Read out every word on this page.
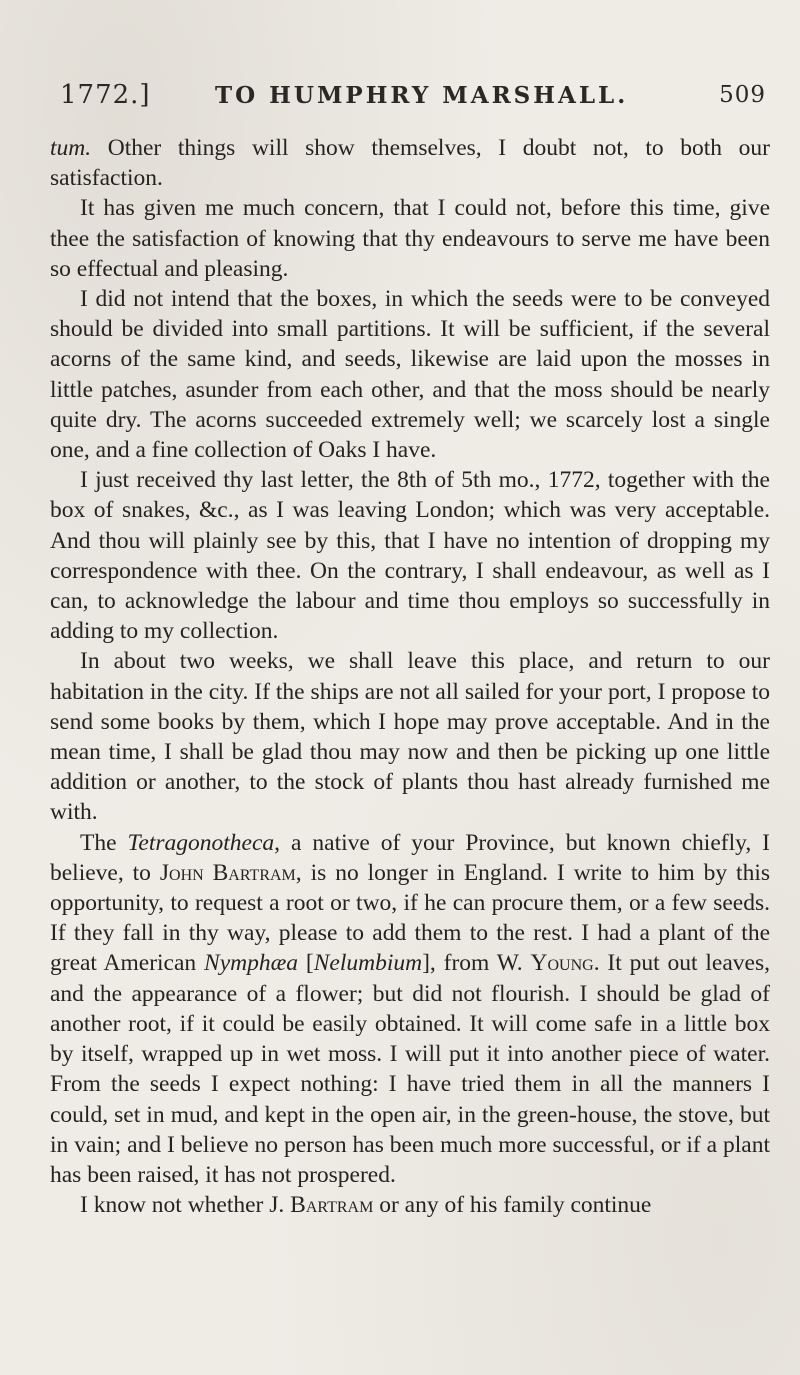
1772.]	TO HUMPHRY MARSHALL.	509

tum. Other things will show themselves, I doubt not, to both our satisfaction.

It has given me much concern, that I could not, before this time, give thee the satisfaction of knowing that thy endeavours to serve me have been so effectual and pleasing.

I did not intend that the boxes, in which the seeds were to be conveyed should be divided into small partitions. It will be sufficient, if the several acorns of the same kind, and seeds, likewise are laid upon the mosses in little patches, asunder from each other, and that the moss should be nearly quite dry. The acorns succeeded extremely well; we scarcely lost a single one, and a fine collection of Oaks I have.

I just received thy last letter, the 8th of 5th mo., 1772, together with the box of snakes, &c., as I was leaving London; which was very acceptable. And thou will plainly see by this, that I have no intention of dropping my correspondence with thee. On the contrary, I shall endeavour, as well as I can, to acknowledge the labour and time thou employs so successfully in adding to my collection.

In about two weeks, we shall leave this place, and return to our habitation in the city. If the ships are not all sailed for your port, I propose to send some books by them, which I hope may prove acceptable. And in the mean time, I shall be glad thou may now and then be picking up one little addition or another, to the stock of plants thou hast already furnished me with.

The Tetragonotheca, a native of your Province, but known chiefly, I believe, to John Bartram, is no longer in England. I write to him by this opportunity, to request a root or two, if he can procure them, or a few seeds. If they fall in thy way, please to add them to the rest. I had a plant of the great American Nymphæa [Nelumbium], from W. Young. It put out leaves, and the appearance of a flower; but did not flourish. I should be glad of another root, if it could be easily obtained. It will come safe in a little box by itself, wrapped up in wet moss. I will put it into another piece of water. From the seeds I expect nothing: I have tried them in all the manners I could, set in mud, and kept in the open air, in the green-house, the stove, but in vain; and I believe no person has been much more successful, or if a plant has been raised, it has not prospered.

I know not whether J. Bartram or any of his family continue
